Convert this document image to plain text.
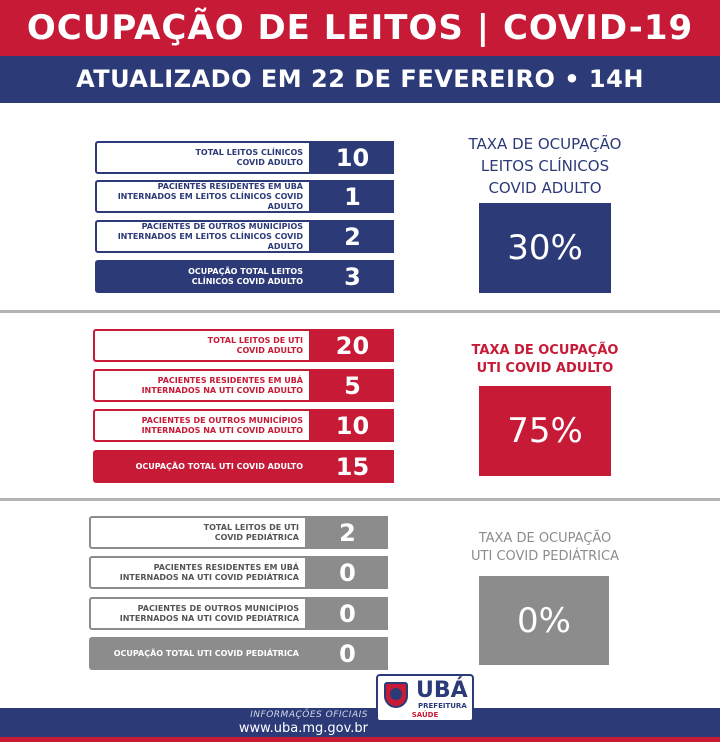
OCUPAÇÃO DE LEITOS | COVID-19
ATUALIZADO EM 22 DE FEVEREIRO • 14H
TOTAL LEITOS CLÍNICOS
COVID ADULTO	10
PACIENTES RESIDENTES EM UBÁ
INTERNADOS EM LEITOS CLÍNICOS COVID ADULTO	1
PACIENTES DE OUTROS MUNICÍPIOS
INTERNADOS EM LEITOS CLÍNICOS COVID ADULTO	2
OCUPAÇÃO TOTAL LEITOS
CLÍNICOS COVID ADULTO	3
TAXA DE OCUPAÇÃO
LEITOS CLÍNICOS
COVID ADULTO
30%
TOTAL LEITOS DE UTI
COVID ADULTO	20
PACIENTES RESIDENTES EM UBÁ
INTERNADOS NA UTI COVID ADULTO	5
PACIENTES DE OUTROS MUNICÍPIOS
INTERNADOS NA UTI COVID ADULTO	10
OCUPAÇÃO TOTAL UTI COVID ADULTO	15
TAXA DE OCUPAÇÃO
UTI COVID ADULTO
75%
TOTAL LEITOS DE UTI
COVID PEDIÁTRICA	2
PACIENTES RESIDENTES EM UBÁ
INTERNADOS NA UTI COVID PEDIÁTRICA	0
PACIENTES DE OUTROS MUNICÍPIOS
INTERNADOS NA UTI COVID PEDIÁTRICA	0
OCUPAÇÃO TOTAL UTI COVID PEDIÁTRICA	0
TAXA DE OCUPAÇÃO
UTI COVID PEDIÁTRICA
0%
INFORMAÇÕES OFICIAIS
www.uba.mg.gov.br
UBÁ
PREFEITURA
SAÚDE
